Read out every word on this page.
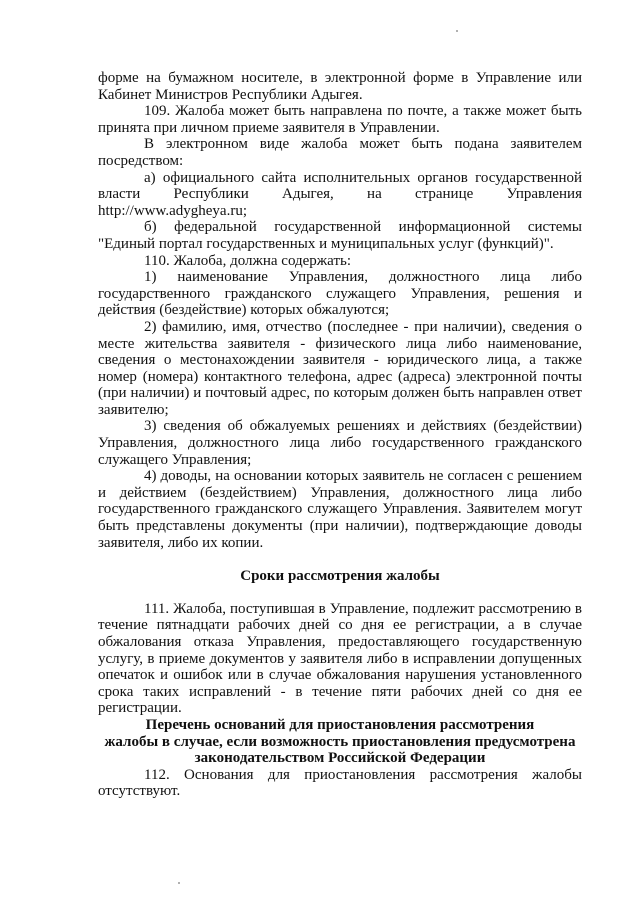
форме на бумажном носителе, в электронной форме в Управление или Кабинет Министров Республики Адыгея.

109. Жалоба может быть направлена по почте, а также может быть принята при личном приеме заявителя в Управлении.

В электронном виде жалоба может быть подана заявителем посредством:

а) официального сайта исполнительных органов государственной власти Республики Адыгея, на странице Управления http://www.adygheya.ru;

б) федеральной государственной информационной системы "Единый портал государственных и муниципальных услуг (функций)".

110. Жалоба, должна содержать:

1) наименование Управления, должностного лица либо государственного гражданского служащего Управления, решения и действия (бездействие) которых обжалуются;

2) фамилию, имя, отчество (последнее - при наличии), сведения о месте жительства заявителя - физического лица либо наименование, сведения о местонахождении заявителя - юридического лица, а также номер (номера) контактного телефона, адрес (адреса) электронной почты (при наличии) и почтовый адрес, по которым должен быть направлен ответ заявителю;

3) сведения об обжалуемых решениях и действиях (бездействии) Управления, должностного лица либо государственного гражданского служащего Управления;

4) доводы, на основании которых заявитель не согласен с решением и действием (бездействием) Управления, должностного лица либо государственного гражданского служащего Управления. Заявителем могут быть представлены документы (при наличии), подтверждающие доводы заявителя, либо их копии.

Сроки рассмотрения жалобы

111. Жалоба, поступившая в Управление, подлежит рассмотрению в течение пятнадцати рабочих дней со дня ее регистрации, а в случае обжалования отказа Управления, предоставляющего государственную услугу, в приеме документов у заявителя либо в исправлении допущенных опечаток и ошибок или в случае обжалования нарушения установленного срока таких исправлений - в течение пяти рабочих дней со дня ее регистрации.

Перечень оснований для приостановления рассмотрения
жалобы в случае, если возможность приостановления предусмотрена
законодательством Российской Федерации

112. Основания для приостановления рассмотрения жалобы отсутствуют.
